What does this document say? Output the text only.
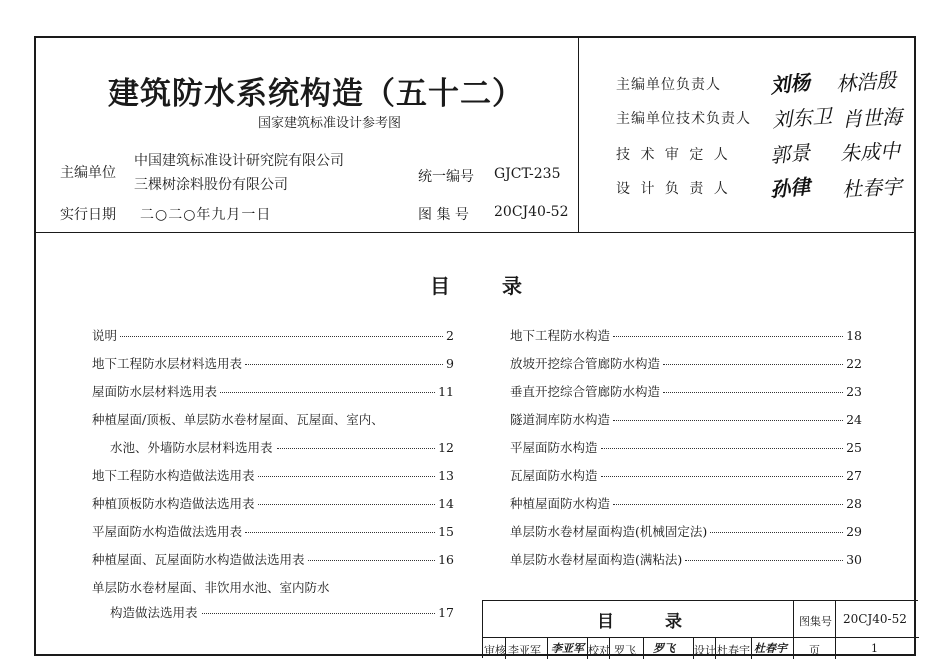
建筑防水系统构造（五十二）
国家建筑标准设计参考图
主编单位
中国建筑标准设计研究院有限公司
三棵树涂料股份有限公司
实行日期 二○二○年九月一日
统一编号 GJCT-235
图 集 号 20CJ40-52
主编单位负责人 刘杨 林浩殷
主编单位技术负责人 刘东卫 肖世海
技 术 审 定 人 郭景 朱成中
设 计 负 责 人 孙律 杜春宇
目	录
说明	2
地下工程防水层材料选用表	9
屋面防水层材料选用表	11
种植屋面/顶板、单层防水卷材屋面、瓦屋面、室内、
水池、外墙防水层材料选用表	12
地下工程防水构造做法选用表	13
种植顶板防水构造做法选用表	14
平屋面防水构造做法选用表	15
种植屋面、瓦屋面防水构造做法选用表	16
单层防水卷材屋面、非饮用水池、室内防水
构造做法选用表	17
地下工程防水构造	18
放坡开挖综合管廊防水构造	22
垂直开挖综合管廊防水构造	23
隧道洞库防水构造	24
平屋面防水构造	25
瓦屋面防水构造	27
种植屋面防水构造	28
单层防水卷材屋面构造(机械固定法)	29
单层防水卷材屋面构造(满粘法)	30
目	录	图集号 20CJ40-52
审核 李亚军 李亚军 校对 罗飞 罗飞 设计 杜春宇 杜春宇 页	1
